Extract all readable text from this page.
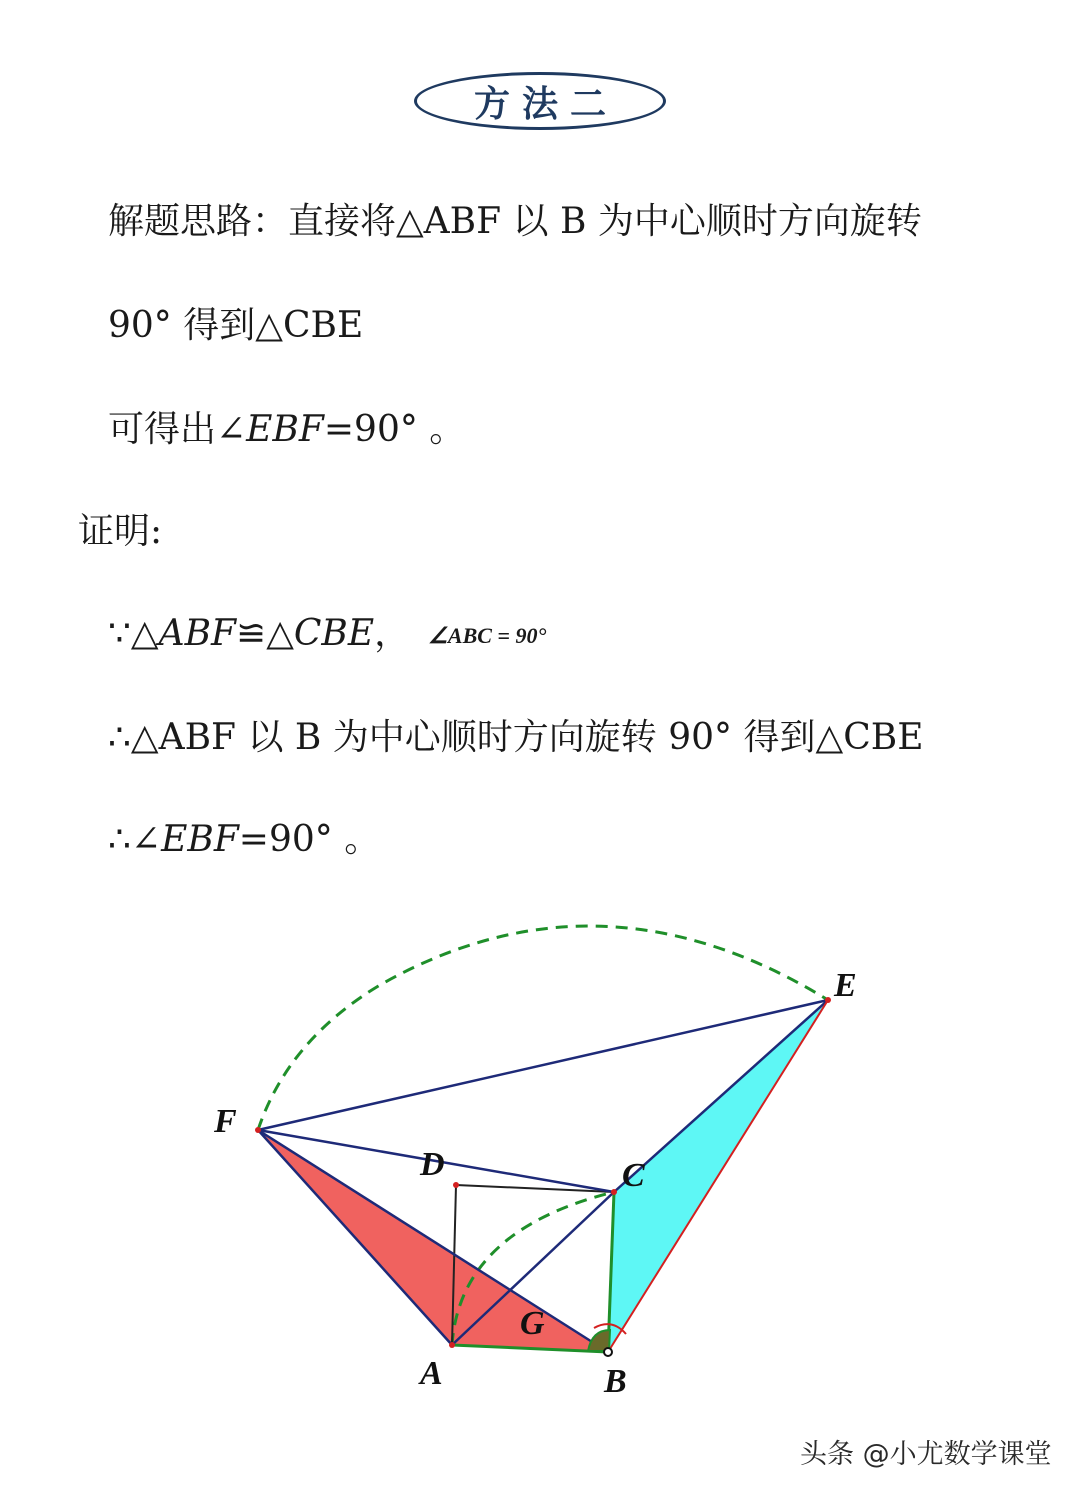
方法二
解题思路：直接将△ABF 以 B 为中心顺时方向旋转
90° 得到△CBE
可得出∠EBF=90° 。
证明:
∵△ABF≌△CBE， ∠ABC = 90°
∴△ABF 以 B 为中心顺时方向旋转 90° 得到△CBE
∴∠EBF=90° 。
E
F
D	C
G
A	B
头条 @小尤数学课堂
